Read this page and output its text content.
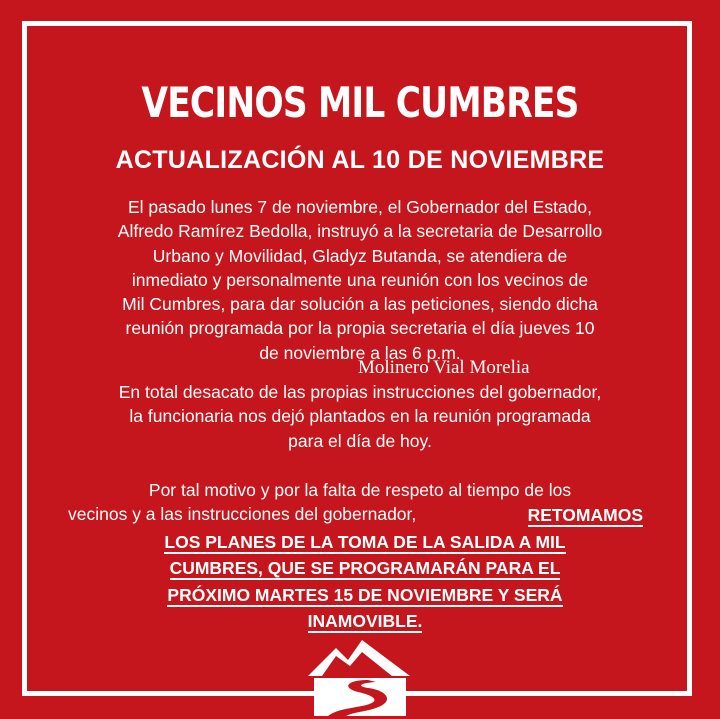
VECINOS MIL CUMBRES
ACTUALIZACIÓN AL 10 DE NOVIEMBRE
El pasado lunes 7 de noviembre, el Gobernador del Estado,
Alfredo Ramírez Bedolla, instruyó a la secretaria de Desarrollo
Urbano y Movilidad, Gladyz Butanda, se atendiera de
inmediato y personalmente una reunión con los vecinos de
Mil Cumbres, para dar solución a las peticiones, siendo dicha
reunión programada por la propia secretaria el día jueves 10
de noviembre a las 6 p.m.
Molinero Vial Morelia
En total desacato de las propias instrucciones del gobernador,
la funcionaria nos dejó plantados en la reunión programada
para el día de hoy.
Por tal motivo y por la falta de respeto al tiempo de los
vecinos y a las instrucciones del gobernador,	RETOMAMOS
LOS PLANES DE LA TOMA DE LA SALIDA A MIL
CUMBRES, QUE SE PROGRAMARÁN PARA EL
PRÓXIMO MARTES 15 DE NOVIEMBRE Y SERÁ
INAMOVIBLE.
